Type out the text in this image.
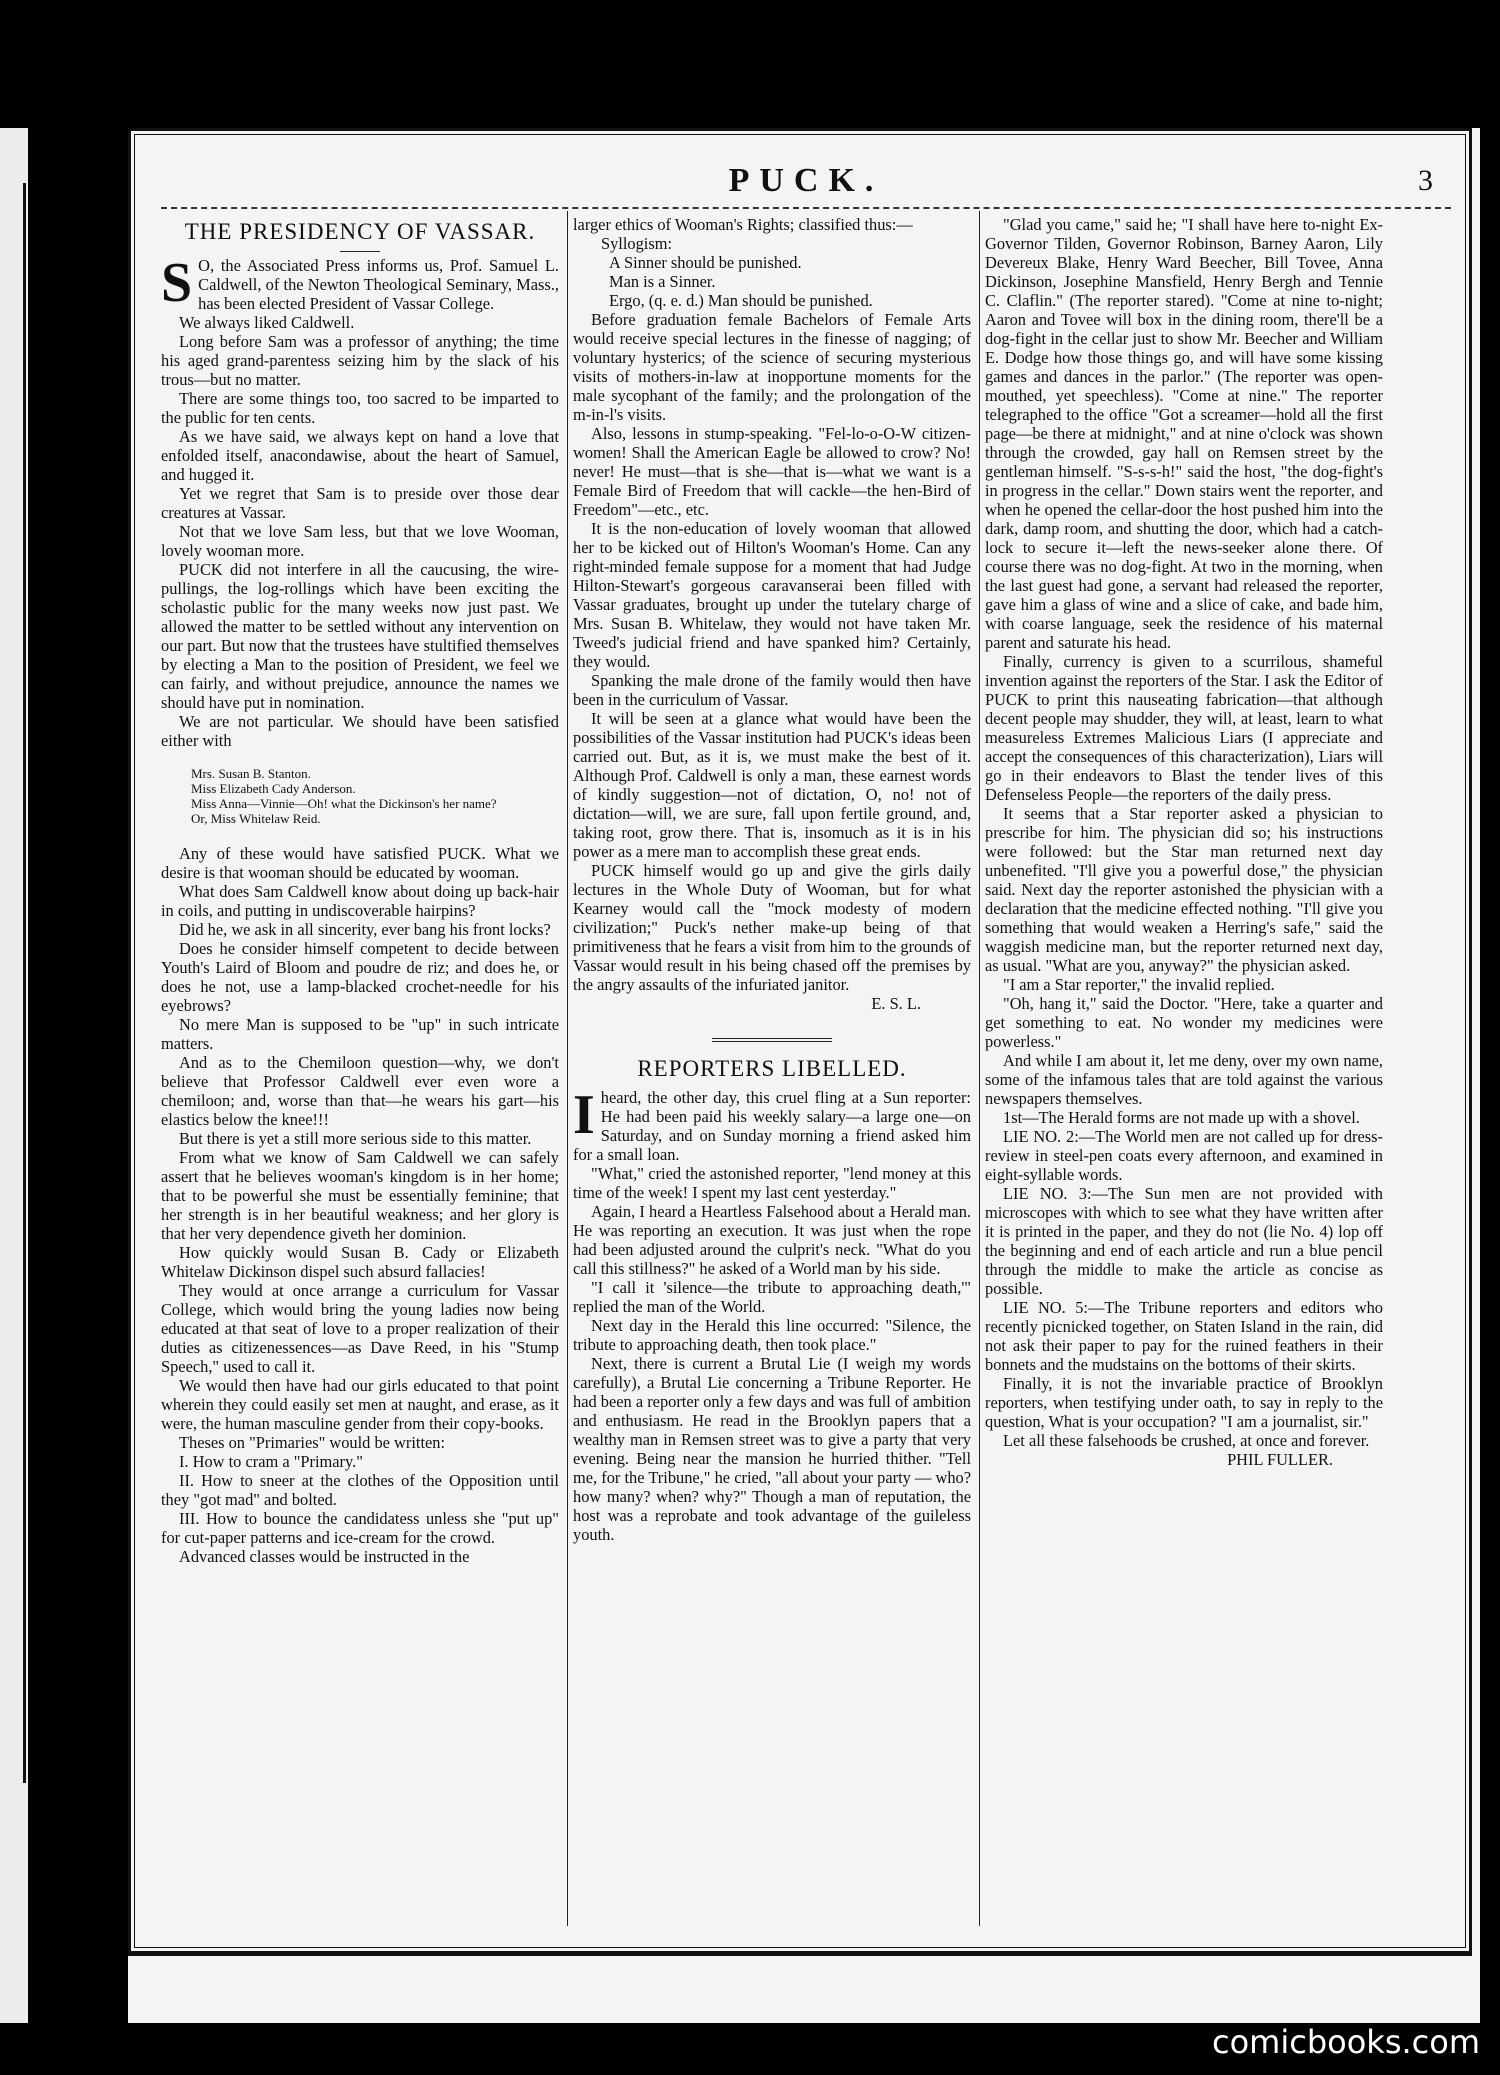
PUCK.	3
THE PRESIDENCY OF VASSAR.

S O, the Associated Press informs us, Prof. Samuel L. Caldwell, of the Newton Theological Seminary, Mass., has been elected President of Vassar College.

We always liked Caldwell.

Long before Sam was a professor of anything; the time his aged grand-parentess seizing him by the slack of his trous—but no matter.

There are some things too, too sacred to be imparted to the public for ten cents.

As we have said, we always kept on hand a love that enfolded itself, anacondawise, about the heart of Samuel, and hugged it.

Yet we regret that Sam is to preside over those dear creatures at Vassar.

Not that we love Sam less, but that we love Wooman, lovely wooman more.

PUCK did not interfere in all the caucusing, the wire-pullings, the log-rollings which have been exciting the scholastic public for the many weeks now just past. We allowed the matter to be settled without any intervention on our part. But now that the trustees have stultified themselves by electing a Man to the position of President, we feel we can fairly, and without prejudice, announce the names we should have put in nomination.

We are not particular. We should have been satisfied either with

Mrs. Susan B. Stanton.
Miss Elizabeth Cady Anderson.
Miss Anna—Vinnie—Oh! what the Dickinson's her name?
Or, Miss Whitelaw Reid.

Any of these would have satisfied PUCK. What we desire is that wooman should be educated by wooman.

What does Sam Caldwell know about doing up back-hair in coils, and putting in undiscoverable hairpins?

Did he, we ask in all sincerity, ever bang his front locks?

Does he consider himself competent to decide between Youth's Laird of Bloom and poudre de riz; and does he, or does he not, use a lamp-blacked crochet-needle for his eyebrows?

No mere Man is supposed to be "up" in such intricate matters.

And as to the Chemiloon question—why, we don't believe that Professor Caldwell ever even wore a chemiloon; and, worse than that—he wears his gart—his elastics below the knee!!!

But there is yet a still more serious side to this matter.

From what we know of Sam Caldwell we can safely assert that he believes wooman's kingdom is in her home; that to be powerful she must be essentially feminine; that her strength is in her beautiful weakness; and her glory is that her very dependence giveth her dominion.

How quickly would Susan B. Cady or Elizabeth Whitelaw Dickinson dispel such absurd fallacies!

They would at once arrange a curriculum for Vassar College, which would bring the young ladies now being educated at that seat of love to a proper realization of their duties as citizenessences—as Dave Reed, in his "Stump Speech," used to call it.

We would then have had our girls educated to that point wherein they could easily set men at naught, and erase, as it were, the human masculine gender from their copy-books.

Theses on "Primaries" would be written:

I. How to cram a "Primary."

II. How to sneer at the clothes of the Opposition until they "got mad" and bolted.

III. How to bounce the candidatess unless she "put up" for cut-paper patterns and ice-cream for the crowd.

Advanced classes would be instructed in the

larger ethics of Wooman's Rights; classified thus:—

Syllogism:

A Sinner should be punished.

Man is a Sinner.

Ergo, (q. e. d.) Man should be punished.

Before graduation female Bachelors of Female Arts would receive special lectures in the finesse of nagging; of voluntary hysterics; of the science of securing mysterious visits of mothers-in-law at inopportune moments for the male sycophant of the family; and the prolongation of the m-in-l's visits.

Also, lessons in stump-speaking. "Fel-lo-o-O-W citizen-women! Shall the American Eagle be allowed to crow? No! never! He must—that is she—that is—what we want is a Female Bird of Freedom that will cackle—the hen-Bird of Freedom"—etc., etc.

It is the non-education of lovely wooman that allowed her to be kicked out of Hilton's Wooman's Home. Can any right-minded female suppose for a moment that had Judge Hilton-Stewart's gorgeous caravanserai been filled with Vassar graduates, brought up under the tutelary charge of Mrs. Susan B. Whitelaw, they would not have taken Mr. Tweed's judicial friend and have spanked him? Certainly, they would.

Spanking the male drone of the family would then have been in the curriculum of Vassar.

It will be seen at a glance what would have been the possibilities of the Vassar institution had PUCK's ideas been carried out. But, as it is, we must make the best of it. Although Prof. Caldwell is only a man, these earnest words of kindly suggestion—not of dictation, O, no! not of dictation—will, we are sure, fall upon fertile ground, and, taking root, grow there. That is, insomuch as it is in his power as a mere man to accomplish these great ends.

PUCK himself would go up and give the girls daily lectures in the Whole Duty of Wooman, but for what Kearney would call the "mock modesty of modern civilization;" Puck's nether make-up being of that primitiveness that he fears a visit from him to the grounds of Vassar would result in his being chased off the premises by the angry assaults of the infuriated janitor.

E. S. L.

REPORTERS LIBELLED.

Iheard, the other day, this cruel fling at a Sun reporter: He had been paid his weekly salary—a large one—on Saturday, and on Sunday morning a friend asked him for a small loan.

"What," cried the astonished reporter, "lend money at this time of the week! I spent my last cent yesterday."

Again, I heard a Heartless Falsehood about a Herald man. He was reporting an execution. It was just when the rope had been adjusted around the culprit's neck. "What do you call this stillness?" he asked of a World man by his side.

"I call it 'silence—the tribute to approaching death,'" replied the man of the World.

Next day in the Herald this line occurred: "Silence, the tribute to approaching death, then took place."

Next, there is current a Brutal Lie (I weigh my words carefully), a Brutal Lie concerning a Tribune Reporter. He had been a reporter only a few days and was full of ambition and enthusiasm. He read in the Brooklyn papers that a wealthy man in Remsen street was to give a party that very evening. Being near the mansion he hurried thither. "Tell me, for the Tribune," he cried, "all about your party — who? how many? when? why?" Though a man of reputation, the host was a reprobate and took advantage of the guileless youth.

"Glad you came," said he; "I shall have here to-night Ex-Governor Tilden, Governor Robinson, Barney Aaron, Lily Devereux Blake, Henry Ward Beecher, Bill Tovee, Anna Dickinson, Josephine Mansfield, Henry Bergh and Tennie C. Claflin." (The reporter stared). "Come at nine to-night; Aaron and Tovee will box in the dining room, there'll be a dog-fight in the cellar just to show Mr. Beecher and William E. Dodge how those things go, and will have some kissing games and dances in the parlor." (The reporter was open-mouthed, yet speechless). "Come at nine." The reporter telegraphed to the office "Got a screamer—hold all the first page—be there at midnight," and at nine o'clock was shown through the crowded, gay hall on Remsen street by the gentleman himself. "S-s-s-h!" said the host, "the dog-fight's in progress in the cellar." Down stairs went the reporter, and when he opened the cellar-door the host pushed him into the dark, damp room, and shutting the door, which had a catch-lock to secure it—left the news-seeker alone there. Of course there was no dog-fight. At two in the morning, when the last guest had gone, a servant had released the reporter, gave him a glass of wine and a slice of cake, and bade him, with coarse language, seek the residence of his maternal parent and saturate his head.

Finally, currency is given to a scurrilous, shameful invention against the reporters of the Star. I ask the Editor of PUCK to print this nauseating fabrication—that although decent people may shudder, they will, at least, learn to what measureless Extremes Malicious Liars (I appreciate and accept the consequences of this characterization), Liars will go in their endeavors to Blast the tender lives of this Defenseless People—the reporters of the daily press.

It seems that a Star reporter asked a physician to prescribe for him. The physician did so; his instructions were followed: but the Star man returned next day unbenefited. "I'll give you a powerful dose," the physician said. Next day the reporter astonished the physician with a declaration that the medicine effected nothing. "I'll give you something that would weaken a Herring's safe," said the waggish medicine man, but the reporter returned next day, as usual. "What are you, anyway?" the physician asked.

"I am a Star reporter," the invalid replied.

"Oh, hang it," said the Doctor. "Here, take a quarter and get something to eat. No wonder my medicines were powerless."

And while I am about it, let me deny, over my own name, some of the infamous tales that are told against the various newspapers themselves.

1st—The Herald forms are not made up with a shovel.

LIE NO. 2:—The World men are not called up for dress-review in steel-pen coats every afternoon, and examined in eight-syllable words.

LIE NO. 3:—The Sun men are not provided with microscopes with which to see what they have written after it is printed in the paper, and they do not (lie No. 4) lop off the beginning and end of each article and run a blue pencil through the middle to make the article as concise as possible.

LIE NO. 5:—The Tribune reporters and editors who recently picnicked together, on Staten Island in the rain, did not ask their paper to pay for the ruined feathers in their bonnets and the mudstains on the bottoms of their skirts.

Finally, it is not the invariable practice of Brooklyn reporters, when testifying under oath, to say in reply to the question, What is your occupation? "I am a journalist, sir."

Let all these falsehoods be crushed, at once and forever.

PHIL FULLER.

comicbooks.com
